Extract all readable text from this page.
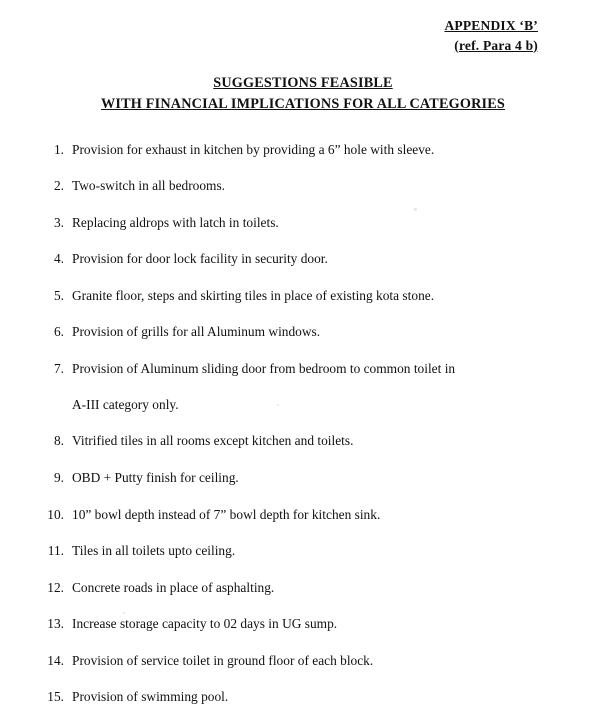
APPENDIX ‘B’
(ref. Para 4 b)
SUGGESTIONS FEASIBLE
WITH FINANCIAL IMPLICATIONS FOR ALL CATEGORIES
1. Provision for exhaust in kitchen by providing a 6” hole with sleeve.
2. Two-switch in all bedrooms.
3. Replacing aldrops with latch in toilets.
4. Provision for door lock facility in security door.
5. Granite floor, steps and skirting tiles in place of existing kota stone.
6. Provision of grills for all Aluminum windows.
7. Provision of Aluminum sliding door from bedroom to common toilet in
A-III category only.
8. Vitrified tiles in all rooms except kitchen and toilets.
9. OBD + Putty finish for ceiling.
10. 10” bowl depth instead of 7” bowl depth for kitchen sink.
11. Tiles in all toilets upto ceiling.
12. Concrete roads in place of asphalting.
13. Increase storage capacity to 02 days in UG sump.
14. Provision of service toilet in ground floor of each block.
15. Provision of swimming pool.
